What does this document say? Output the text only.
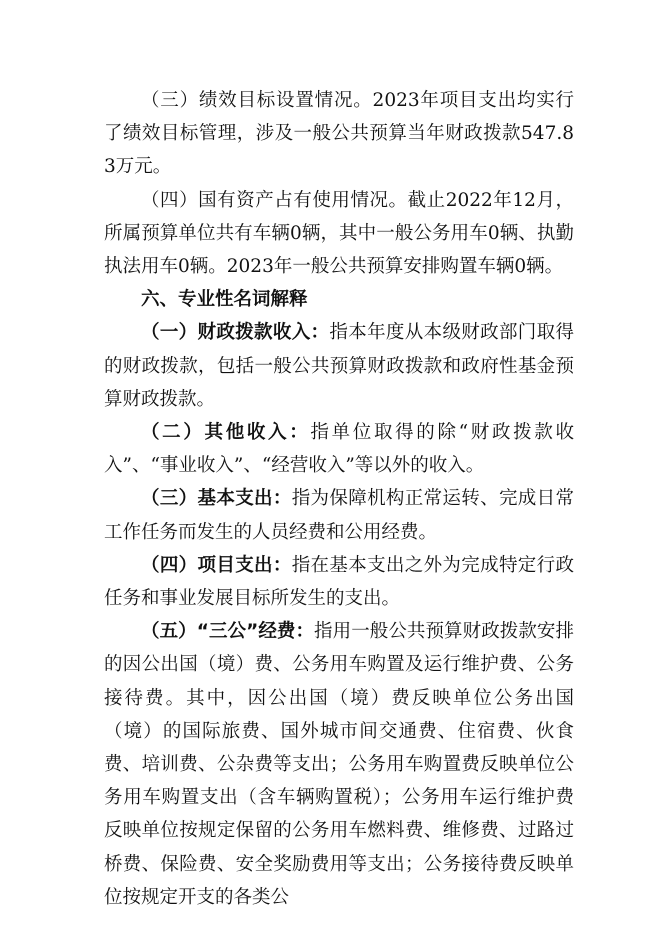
（三）绩效目标设置情况。2023年项目支出均实行了绩效目标管理，涉及一般公共预算当年财政拨款547.83万元。

（四）国有资产占有使用情况。截止2022年12月，所属预算单位共有车辆0辆，其中一般公务用车0辆、执勤执法用车0辆。2023年一般公共预算安排购置车辆0辆。

六、专业性名词解释

（一）财政拨款收入：指本年度从本级财政部门取得的财政拨款，包括一般公共预算财政拨款和政府性基金预算财政拨款。

（二）其他收入：指单位取得的除“财政拨款收入”、“事业收入”、“经营收入”等以外的收入。

（三）基本支出：指为保障机构正常运转、完成日常工作任务而发生的人员经费和公用经费。

（四）项目支出：指在基本支出之外为完成特定行政任务和事业发展目标所发生的支出。

（五）“三公”经费：指用一般公共预算财政拨款安排的因公出国（境）费、公务用车购置及运行维护费、公务接待费。其中，因公出国（境）费反映单位公务出国（境）的国际旅费、国外城市间交通费、住宿费、伙食费、培训费、公杂费等支出；公务用车购置费反映单位公务用车购置支出（含车辆购置税）；公务用车运行维护费反映单位按规定保留的公务用车燃料费、维修费、过路过桥费、保险费、安全奖励费用等支出；公务接待费反映单位按规定开支的各类公
